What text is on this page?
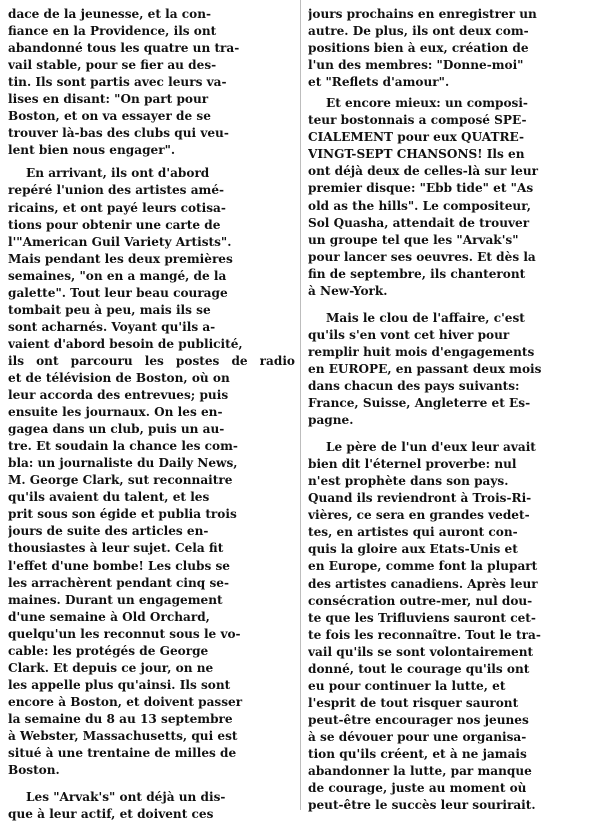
dace de la jeunesse, et la con-
fiance en la Providence, ils ont
abandonné tous les quatre un tra-
vail stable, pour se fier au des-
tin. Ils sont partis avec leurs va-
lises en disant: "On part pour
Boston, et on va essayer de se
trouver là-bas des clubs qui veu-
lent bien nous engager".
En arrivant, ils ont d'abord
repéré l'union des artistes amé-
ricains, et ont payé leurs cotisa-
tions pour obtenir une carte de
l'"American Guil Variety Artists".
Mais pendant les deux premières
semaines, "on en a mangé, de la
galette". Tout leur beau courage
tombait peu à peu, mais ils se
sont acharnés. Voyant qu'ils a-
vaient d'abord besoin de publicité,
ils ont parcouru les postes de radio
et de télévision de Boston, où on
leur accorda des entrevues; puis
ensuite les journaux. On les en-
gagea dans un club, puis un au-
tre. Et soudain la chance les com-
bla: un journaliste du Daily News,
M. George Clark, sut reconnaitre
qu'ils avaient du talent, et les
prit sous son égide et publia trois
jours de suite des articles en-
thousiastes à leur sujet. Cela fit
l'effet d'une bombe! Les clubs se
les arrachèrent pendant cinq se-
maines. Durant un engagement
d'une semaine à Old Orchard,
quelqu'un les reconnut sous le vo-
cable: les protégés de George
Clark. Et depuis ce jour, on ne
les appelle plus qu'ainsi. Ils sont
encore à Boston, et doivent passer
la semaine du 8 au 13 septembre
à Webster, Massachusetts, qui est
situé à une trentaine de milles de
Boston.
Les "Arvak's" ont déjà un dis-
que à leur actif, et doivent ces
jours prochains en enregistrer un
autre. De plus, ils ont deux com-
positions bien à eux, création de
l'un des membres: "Donne-moi"
et "Reflets d'amour".
Et encore mieux: un composi-
teur bostonnais a composé SPE-
CIALEMENT pour eux QUATRE-
VINGT-SEPT CHANSONS! Ils en
ont déjà deux de celles-là sur leur
premier disque: "Ebb tide" et "As
old as the hills". Le compositeur,
Sol Quasha, attendait de trouver
un groupe tel que les "Arvak's"
pour lancer ses oeuvres. Et dès la
fin de septembre, ils chanteront
à New-York.
Mais le clou de l'affaire, c'est
qu'ils s'en vont cet hiver pour
remplir huit mois d'engagements
en EUROPE, en passant deux mois
dans chacun des pays suivants:
France, Suisse, Angleterre et Es-
pagne.
Le père de l'un d'eux leur avait
bien dit l'éternel proverbe: nul
n'est prophète dans son pays.
Quand ils reviendront à Trois-Ri-
vières, ce sera en grandes vedet-
tes, en artistes qui auront con-
quis la gloire aux Etats-Unis et
en Europe, comme font la plupart
des artistes canadiens. Après leur
consécration outre-mer, nul dou-
te que les Trifluviens sauront cet-
te fois les reconnaître. Tout le tra-
vail qu'ils se sont volontairement
donné, tout le courage qu'ils ont
eu pour continuer la lutte, et
l'esprit de tout risquer sauront
peut-être encourager nos jeunes
à se dévouer pour une organisa-
tion qu'ils créent, et à ne jamais
abandonner la lutte, par manque
de courage, juste au moment où
peut-être le succès leur sourirait.
